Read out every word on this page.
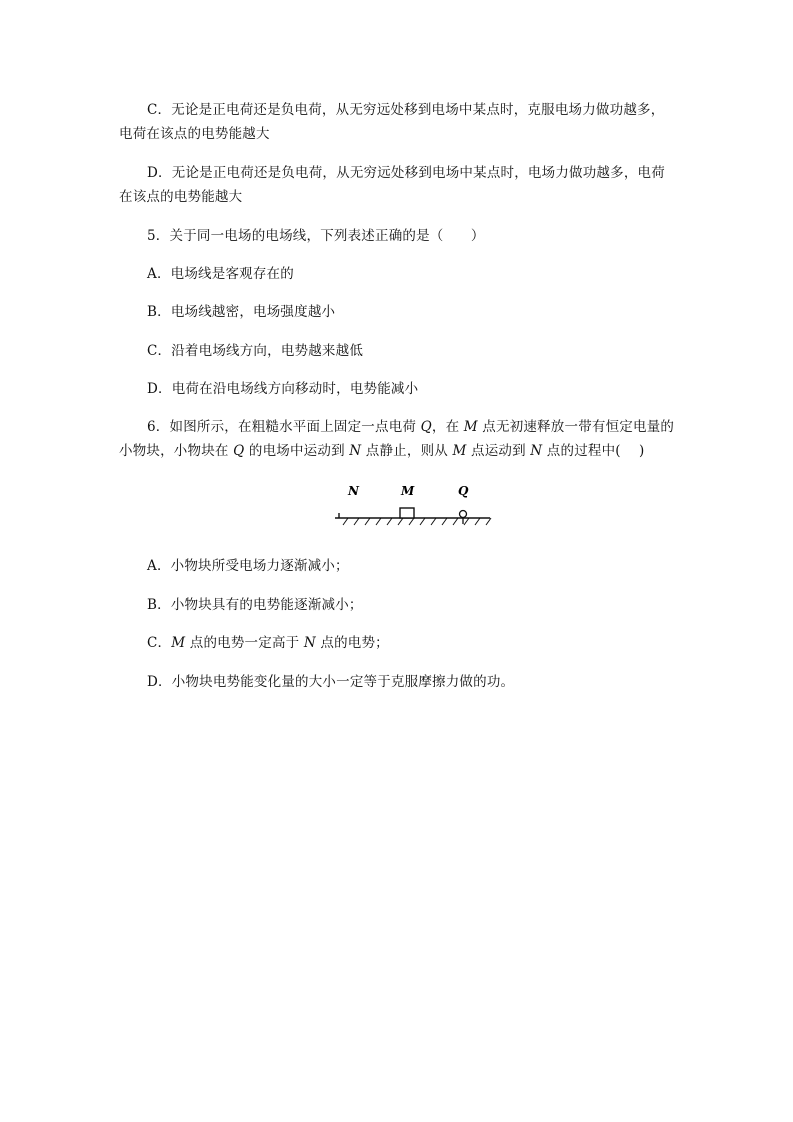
C．无论是正电荷还是负电荷，从无穷远处移到电场中某点时，克服电场力做功越多，
电荷在该点的电势能越大
D．无论是正电荷还是负电荷，从无穷远处移到电场中某点时，电场力做功越多，电荷
在该点的电势能越大
5．关于同一电场的电场线，下列表述正确的是（　　）
A．电场线是客观存在的
B．电场线越密，电场强度越小
C．沿着电场线方向，电势越来越低
D．电荷在沿电场线方向移动时，电势能减小
6．如图所示，在粗糙水平面上固定一点电荷 Q，在 M 点无初速释放一带有恒定电量的
小物块，小物块在 Q 的电场中运动到 N 点静止，则从 M 点运动到 N 点的过程中(　 )
N	M	Q
A．小物块所受电场力逐渐减小；
B．小物块具有的电势能逐渐减小；
C．M 点的电势一定高于 N 点的电势；
D．小物块电势能变化量的大小一定等于克服摩擦力做的功。
